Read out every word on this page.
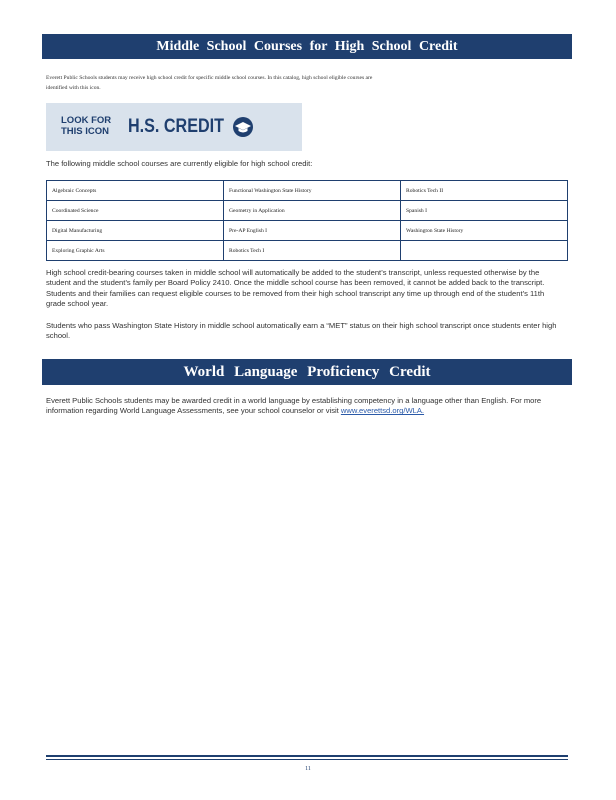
Middle School Courses for High School Credit
Everett Public Schools students may receive high school credit for specific middle school courses. In this catalog, high school eligible courses are identified with this icon.
LOOK FOR THIS ICON H.S. CREDIT
The following middle school courses are currently eligible for high school credit:
Algebraic Concepts	Functional Washington State History	Robotics Tech II
Coordinated Science	Geometry in Application	Spanish I
Digital Manufacturing	Pre-AP English I	Washington State History
Exploring Graphic Arts	Robotics Tech I	
High school credit-bearing courses taken in middle school will automatically be added to the student’s transcript, unless requested otherwise by the student and the student’s family per Board Policy 2410. Once the middle school course has been removed, it cannot be added back to the transcript. Students and their families can request eligible courses to be removed from their high school transcript any time up through end of the student’s 11th grade school year.
Students who pass Washington State History in middle school automatically earn a “MET” status on their high school transcript once students enter high school.
World Language Proficiency Credit
Everett Public Schools students may be awarded credit in a world language by establishing competency in a language other than English. For more information regarding World Language Assessments, see your school counselor or visit www.everettsd.org/WLA.
11
